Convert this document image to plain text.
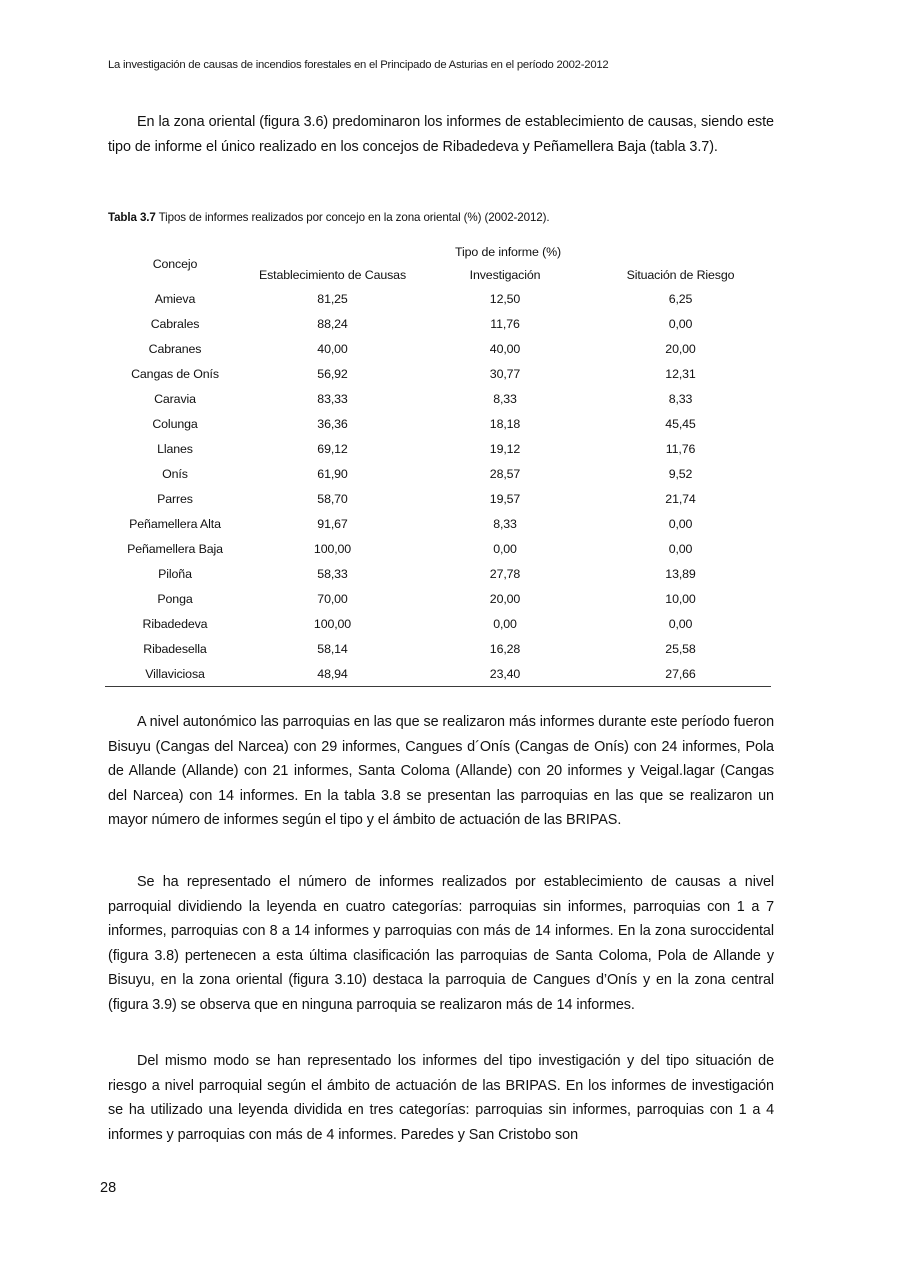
La investigación de causas de incendios forestales en el Principado de Asturias en el período 2002-2012

En la zona oriental (figura 3.6) predominaron los informes de establecimiento de causas, siendo este tipo de informe el único realizado en los concejos de Ribadedeva y Peñamellera Baja (tabla 3.7).

Tabla 3.7 Tipos de informes realizados por concejo en la zona oriental (%) (2002-2012).
Concejo	Tipo de informe (%)		
	Establecimiento de Causas	Investigación	Situación de Riesgo
Amieva	81,25	12,50	6,25
Cabrales	88,24	11,76	0,00
Cabranes	40,00	40,00	20,00
Cangas de Onís	56,92	30,77	12,31
Caravia	83,33	8,33	8,33
Colunga	36,36	18,18	45,45
Llanes	69,12	19,12	11,76
Onís	61,90	28,57	9,52
Parres	58,70	19,57	21,74
Peñamellera Alta	91,67	8,33	0,00
Peñamellera Baja	100,00	0,00	0,00
Piloña	58,33	27,78	13,89
Ponga	70,00	20,00	10,00
Ribadedeva	100,00	0,00	0,00
Ribadesella	58,14	16,28	25,58
Villaviciosa	48,94	23,40	27,66

A nivel autonómico las parroquias en las que se realizaron más informes durante este período fueron Bisuyu (Cangas del Narcea) con 29 informes, Cangues d´Onís (Cangas de Onís) con 24 informes, Pola de Allande (Allande) con 21 informes, Santa Coloma (Allande) con 20 informes y Veigal.lagar (Cangas del Narcea) con 14 informes. En la tabla 3.8 se presentan las parroquias en las que se realizaron un mayor número de informes según el tipo y el ámbito de actuación de las BRIPAS.

Se ha representado el número de informes realizados por establecimiento de causas a nivel parroquial dividiendo la leyenda en cuatro categorías: parroquias sin informes, parroquias con 1 a 7 informes, parroquias con 8 a 14 informes y parroquias con más de 14 informes. En la zona suroccidental (figura 3.8) pertenecen a esta última clasificación las parroquias de Santa Coloma, Pola de Allande y Bisuyu, en la zona oriental (figura 3.10) destaca la parroquia de Cangues d’Onís y en la zona central (figura 3.9) se observa que en ninguna parroquia se realizaron más de 14 informes.

Del mismo modo se han representado los informes del tipo investigación y del tipo situación de riesgo a nivel parroquial según el ámbito de actuación de las BRIPAS. En los informes de investigación se ha utilizado una leyenda dividida en tres categorías: parroquias sin informes, parroquias con 1 a 4 informes y parroquias con más de 4 informes. Paredes y San Cristobo son

28
